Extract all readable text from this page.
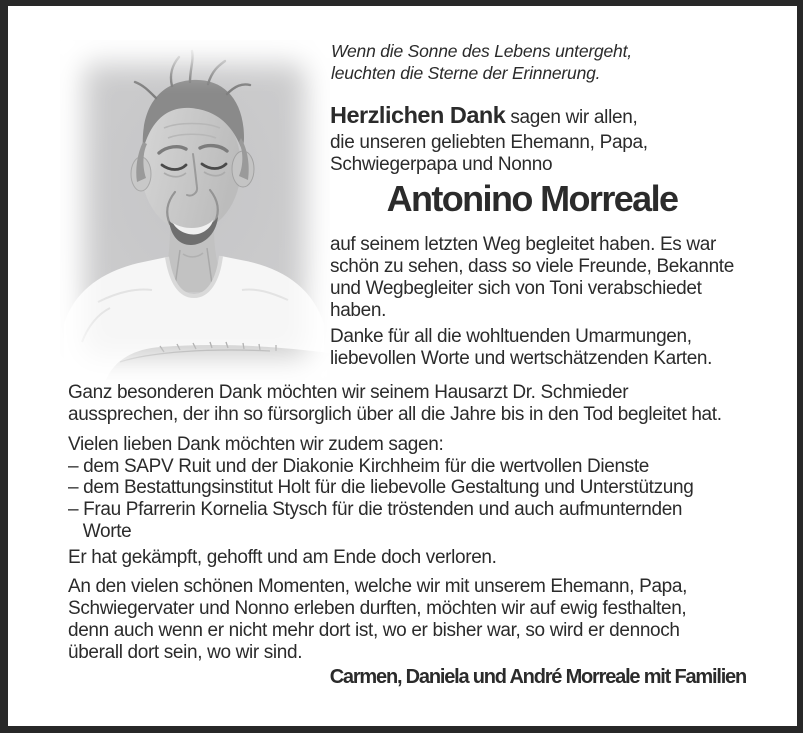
Wenn die Sonne des Lebens untergeht,
leuchten die Sterne der Erinnerung.
Herzlichen Dank sagen wir allen,
die unseren geliebten Ehemann, Papa,
Schwiegerpapa und Nonno
Antonino Morreale
auf seinem letzten Weg begleitet haben. Es war
schön zu sehen, dass so viele Freunde, Bekannte
und Wegbegleiter sich von Toni verabschiedet
haben.
Danke für all die wohltuenden Umarmungen,
liebevollen Worte und wertschätzenden Karten.
Ganz besonderen Dank möchten wir seinem Hausarzt Dr. Schmieder
aussprechen, der ihn so fürsorglich über all die Jahre bis in den Tod begleitet hat.
Vielen lieben Dank möchten wir zudem sagen:
– dem SAPV Ruit und der Diakonie Kirchheim für die wertvollen Dienste
– dem Bestattungsinstitut Holt für die liebevolle Gestaltung und Unterstützung
– Frau Pfarrerin Kornelia Stysch für die tröstenden und auch aufmunternden
Worte
Er hat gekämpft, gehofft und am Ende doch verloren.
An den vielen schönen Momenten, welche wir mit unserem Ehemann, Papa,
Schwiegervater und Nonno erleben durften, möchten wir auf ewig festhalten,
denn auch wenn er nicht mehr dort ist, wo er bisher war, so wird er dennoch
überall dort sein, wo wir sind.
Carmen, Daniela und André Morreale mit Familien
